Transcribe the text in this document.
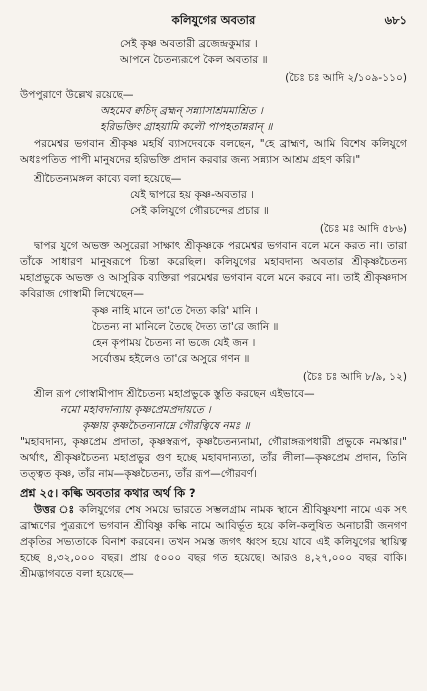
কলিযুগের অবতার	৬৮১

সেই কৃষ্ণ অবতারী ব্রজেন্দ্রকুমার ।

আপনে চৈতন্যরূপে কৈল অবতার ॥

(চৈঃ চঃ আদি ২/১০৯-১১০)

উপপুরাণে উল্লেখ রয়েছে—

অহমেব ক্বচিদ্ ব্রহ্মন্ সন্ন্যাসাশ্রমমাশ্রিত ।

হরিভক্তিং গ্রাহয়ামি কলৌ পাপহতান্নরান্ ॥

পরমেশ্বর ভগবান শ্রীকৃষ্ণ মহর্ষি ব্যাসদেবকে বলছেন, "হে ব্রাহ্মণ, আমি বিশেষ কলিযুগে অধঃপতিত পাপী মানুষদের হরিভক্তি প্রদান করবার জন্য সন্ন্যাস আশ্রম গ্রহণ করি।"

শ্রীচৈতন্যমঙ্গল কাব্যে বলা হয়েছে—

যেই দ্বাপরে হয় কৃষ্ণ-অবতার ।

সেই কলিযুগে গৌরচন্দের প্রচার ॥

(চৈঃ মঃ আদি ৫৮৬)

দ্বাপর যুগে অভক্ত অসুরেরা সাক্ষাৎ শ্রীকৃষ্ণকে পরমেশ্বর ভগবান বলে মনে করত না। তারা তাঁকে সাধারণ মানুষরূপে চিন্তা করেছিল। কলিযুগের মহাবদান্য অবতার শ্রীকৃষ্ণচৈতন্য মহাপ্রভুকে অভক্ত ও আসুরিক ব্যক্তিরা পরমেশ্বর ভগবান বলে মনে করবে না। তাই শ্রীকৃষ্ণদাস কবিরাজ গোস্বামী লিখেছেন—

কৃষ্ণ নাহি মানে তা'তে দৈত্য করি' মানি ।

চৈতন্য না মানিলে তৈছে দৈত্য তা'রে জানি ॥

হেন কৃপাময় চৈতন্য না ভজে যেই জন ।

সর্বোত্তম হইলেও তা'রে অসুরে গণন ॥

(চৈঃ চঃ আদি ৮/৯, ১২)

শ্রীল রূপ গোস্বামীপাদ শ্রীচৈতন্য মহাপ্রভুকে স্তুতি করছেন এইভাবে—

নমো মহাবদান্যায় কৃষ্ণপ্রেমপ্রদায়তে ।

কৃষ্ণায় কৃষ্ণচৈতন্যনাম্নে গৌরত্বিষে নমঃ ॥

"মহাবদান্য, কৃষ্ণপ্রেম প্রদাতা, কৃষ্ণস্বরূপ, কৃষ্ণচৈতন্যনামা, গৌরাঙ্গরূপধারী প্রভুকে নমস্কার।" অর্থাৎ, শ্রীকৃষ্ণচৈতন্য মহাপ্রভুর গুণ হচ্ছে মহাবদান্যতা, তাঁর লীলা—কৃষ্ণপ্রেম প্রদান, তিনি তত্ত্বত কৃষ্ণ, তাঁর নাম—কৃষ্ণচৈতন্য, তাঁর রূপ—গৌরবর্ণ।

প্রশ্ন ২৫। কল্কি অবতার কথার অর্থ কি ?

উত্তর ঃ কলিযুগের শেষ সময়ে ভারতে সম্ভলগ্রাম নামক স্থানে শ্রীবিষ্ণুযশা নামে এক সৎ ব্রাহ্মণের পুত্ররূপে ভগবান শ্রীবিষ্ণু কল্কি নামে আবির্ভূত হয়ে কলি-কলুষিত অনাচারী জনগণ প্রকৃতির সভ্যতাকে বিনাশ করবেন। তখন সমস্ত জগৎ ধ্বংস হয়ে যাবে এই কলিযুগের স্থায়িত্ব হচ্ছে ৪,৩২,০০০ বছর। প্রায় ৫০০০ বছর গত হয়েছে। আরও ৪,২৭,০০০ বছর বাকি। শ্রীমদ্ভাগবতে বলা হয়েছে—
